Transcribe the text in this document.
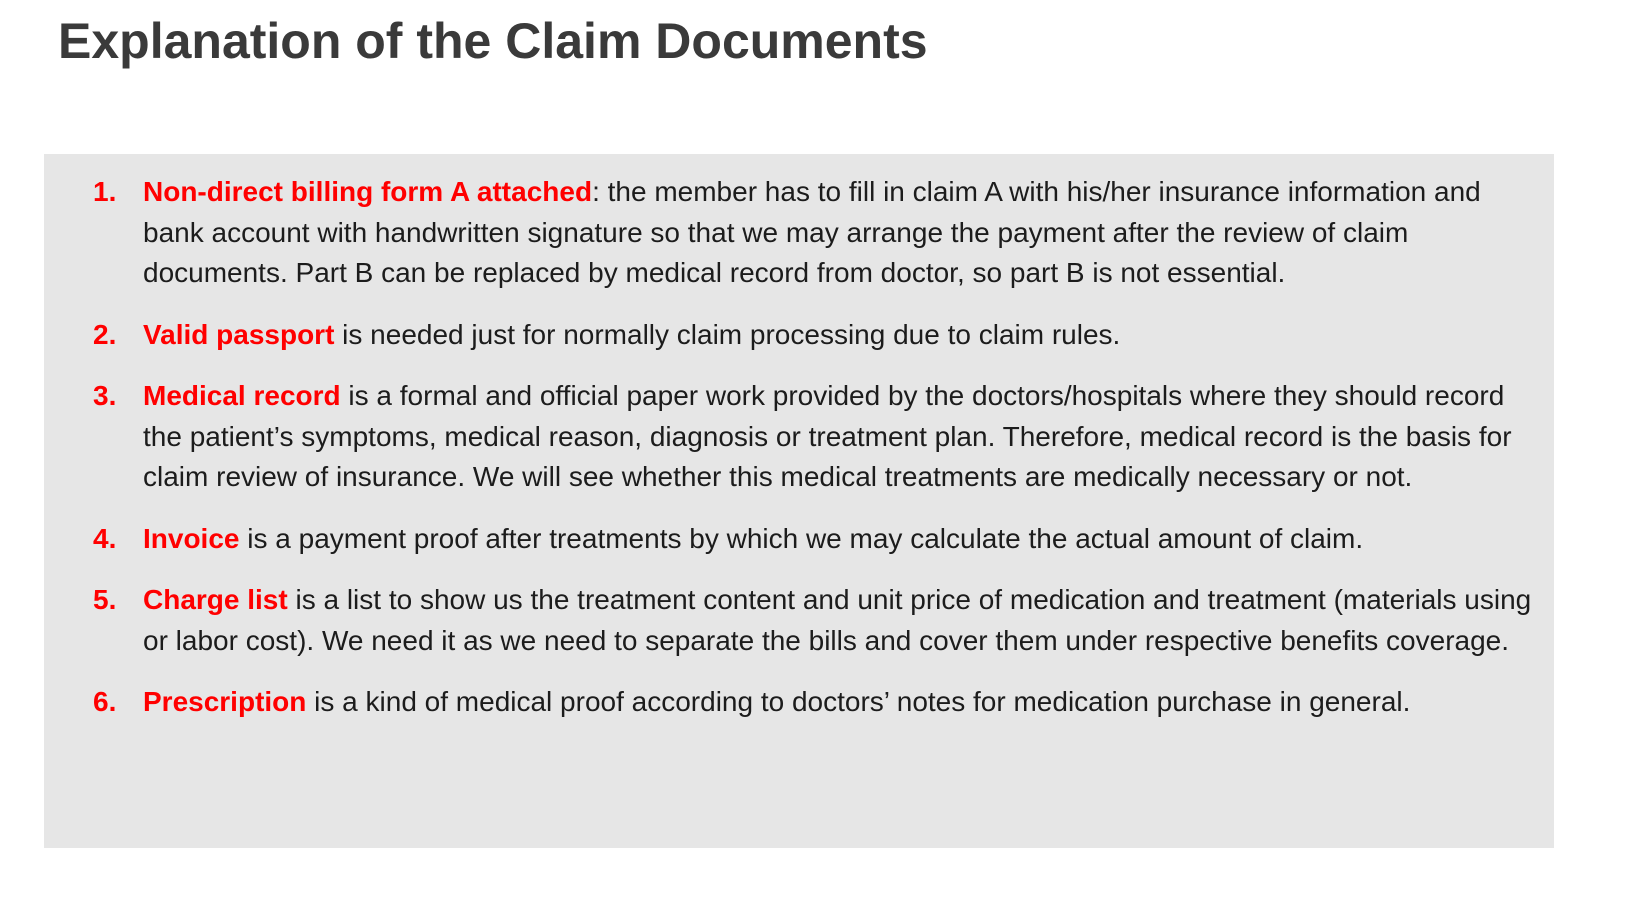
Explanation of the Claim Documents
1. Non-direct billing form A attached: the member has to fill in claim A with his/her insurance information and bank account with handwritten signature so that we may arrange the payment after the review of claim documents. Part B can be replaced by medical record from doctor, so part B is not essential.
2. Valid passport is needed just for normally claim processing due to claim rules.
3. Medical record is a formal and official paper work provided by the doctors/hospitals where they should record the patient’s symptoms, medical reason, diagnosis or treatment plan. Therefore, medical record is the basis for claim review of insurance. We will see whether this medical treatments are medically necessary or not.
4. Invoice is a payment proof after treatments by which we may calculate the actual amount of claim.
5. Charge list is a list to show us the treatment content and unit price of medication and treatment (materials using or labor cost). We need it as we need to separate the bills and cover them under respective benefits coverage.
6. Prescription is a kind of medical proof according to doctors’ notes for medication purchase in general.
